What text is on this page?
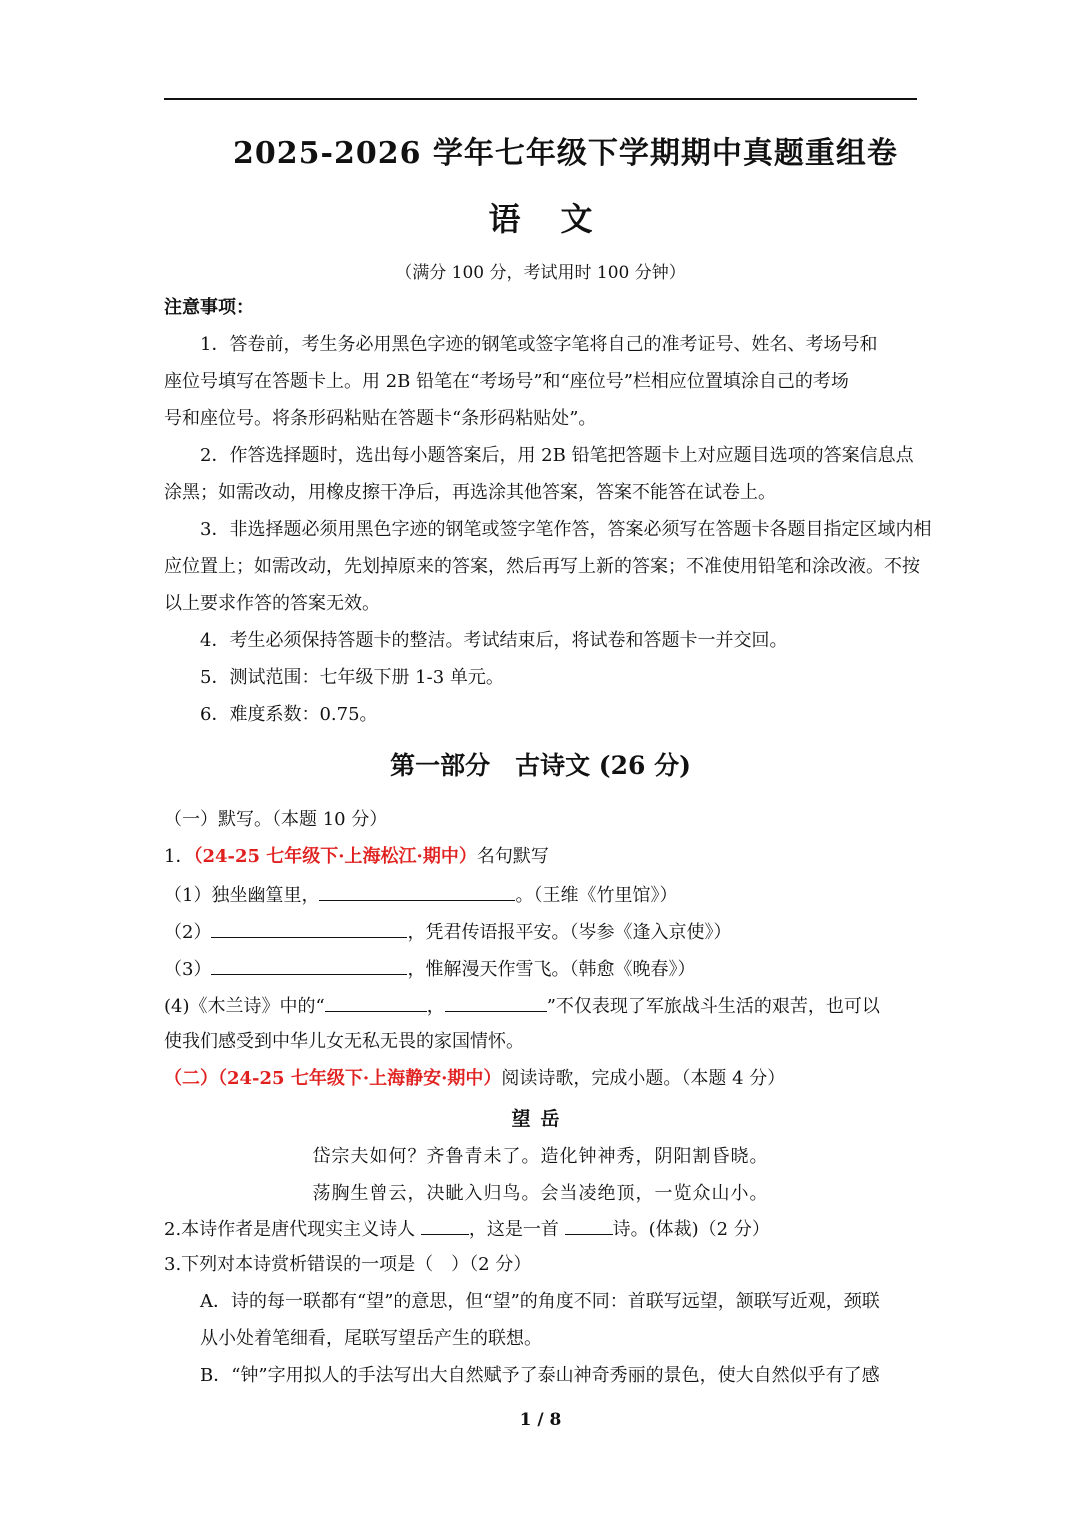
2025-2026 学年七年级下学期期中真题重组卷
语文
（满分 100 分，考试用时 100 分钟）
注意事项：
1．答卷前，考生务必用黑色字迹的钢笔或签字笔将自己的准考证号、姓名、考场号和
座位号填写在答题卡上。用 2B 铅笔在“考场号”和“座位号”栏相应位置填涂自己的考场
号和座位号。将条形码粘贴在答题卡“条形码粘贴处”。
2．作答选择题时，选出每小题答案后，用 2B 铅笔把答题卡上对应题目选项的答案信息点
涂黑；如需改动，用橡皮擦干净后，再选涂其他答案，答案不能答在试卷上。
3．非选择题必须用黑色字迹的钢笔或签字笔作答，答案必须写在答题卡各题目指定区域内相
应位置上；如需改动，先划掉原来的答案，然后再写上新的答案；不准使用铅笔和涂改液。不按
以上要求作答的答案无效。
4．考生必须保持答题卡的整洁。考试结束后，将试卷和答题卡一并交回。
5．测试范围：七年级下册 1-3 单元。
6．难度系数：0.75。
第一部分　古诗文 (26 分)
（一）默写。（本题 10 分）
1．（24-25 七年级下·上海松江·期中）名句默写
（1）独坐幽篁里，	。（王维《竹里馆》）
（2）	，凭君传语报平安。（岑参《逢入京使》）
（3）	，惟解漫天作雪飞。（韩愈《晚春》）
(4)《木兰诗》中的“	，	”不仅表现了军旅战斗生活的艰苦，也可以
使我们感受到中华儿女无私无畏的家国情怀。
（二）（24-25 七年级下·上海静安·期中）阅读诗歌，完成小题。（本题 4 分）
望岳
岱宗夫如何？齐鲁青未了。造化钟神秀，阴阳割昏晓。
荡胸生曾云，决眦入归鸟。会当凌绝顶，一览众山小。
2.本诗作者是唐代现实主义诗人	，这是一首	诗。(体裁)（2 分）
3.下列对本诗赏析错误的一项是（　）（2 分）
A．诗的每一联都有“望”的意思，但“望”的角度不同：首联写远望，颔联写近观，颈联
从小处着笔细看，尾联写望岳产生的联想。
B．“钟”字用拟人的手法写出大自然赋予了泰山神奇秀丽的景色，使大自然似乎有了感
1 / 8
